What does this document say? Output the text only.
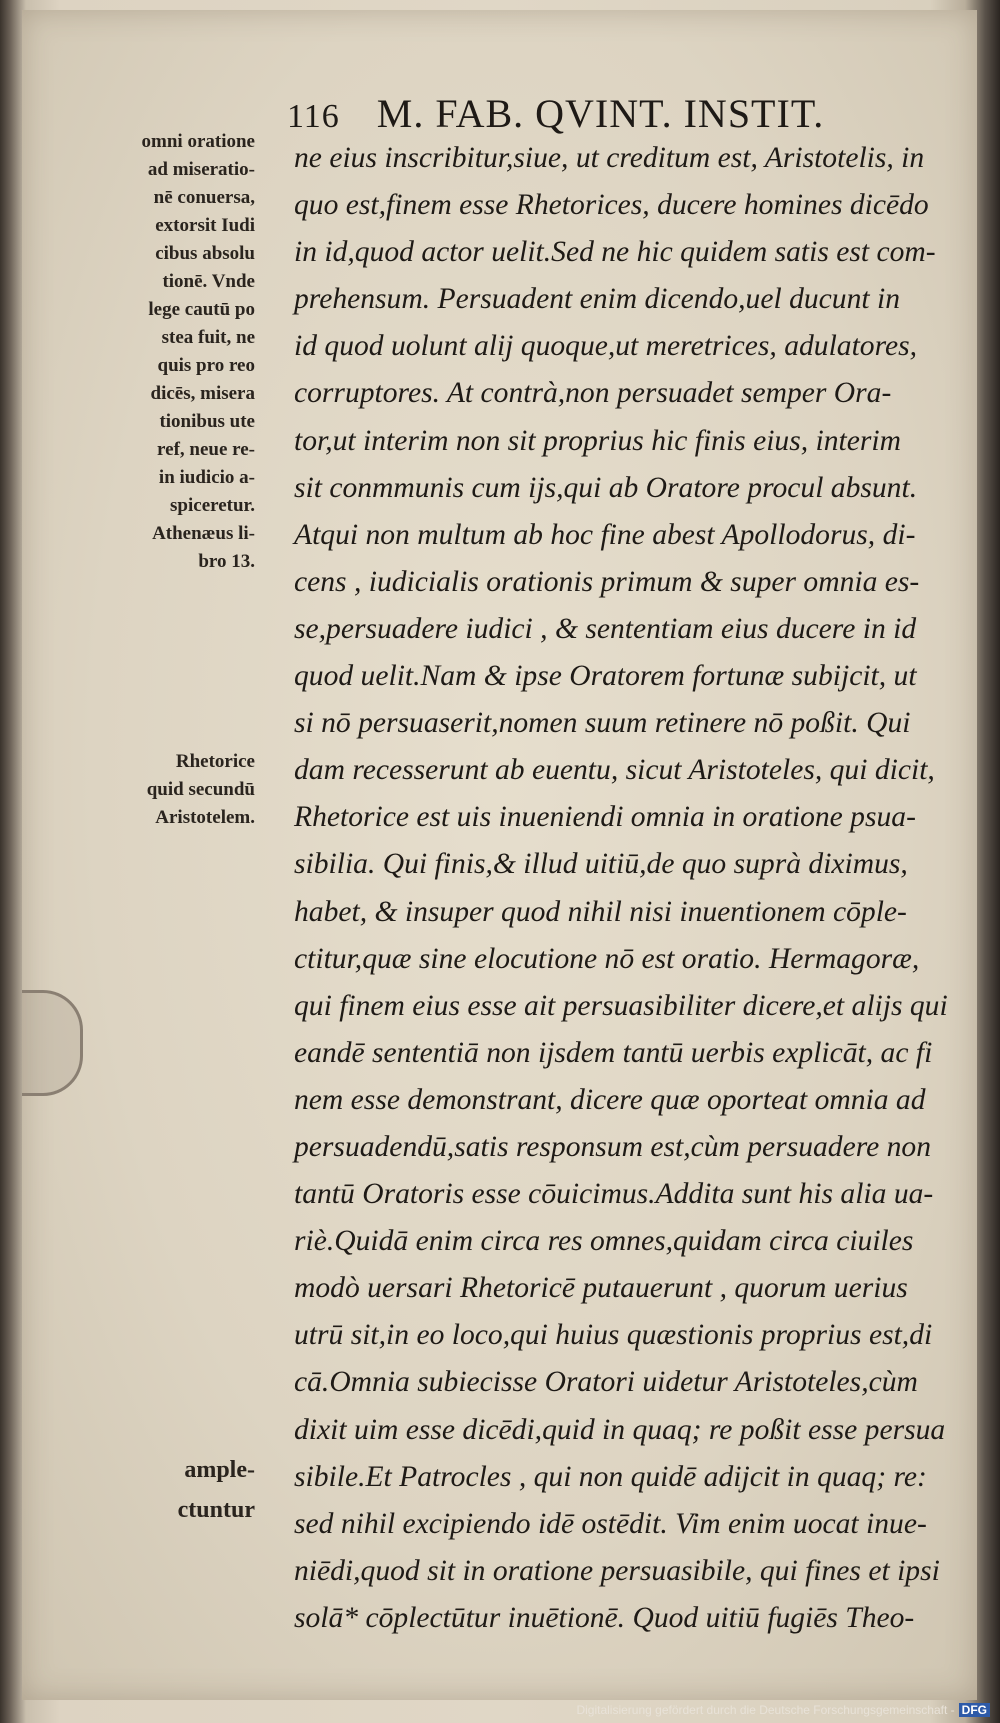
116 M. FAB. QVINT. INSTIT.
omni oratione
ad miseratio-
nē conuersa,
extorsit Iudi
cibus absolu
tionē. Vnde
lege cautū po
stea fuit, ne
quis pro reo
dicēs, misera
tionibus ute
ref, neue re-
in iudicio a-
spiceretur.
Athenæus li-
bro 13.
Rhetorice
quid secundū
Aristotelem.
ample-
ctuntur
ne eius inscribitur,siue, ut creditum est, Aristotelis, in
quo est,finem esse Rhetorices, ducere homines dicēdo
in id,quod actor uelit.Sed ne hic quidem satis est com-
prehensum. Persuadent enim dicendo,uel ducunt in
id quod uolunt alij quoque,ut meretrices, adulatores,
corruptores. At contrà,non persuadet semper Ora-
tor,ut interim non sit proprius hic finis eius, interim
sit conmmunis cum ijs,qui ab Oratore procul absunt.
Atqui non multum ab hoc fine abest Apollodorus, di-
cens , iudicialis orationis primum & super omnia es-
se,persuadere iudici , & sententiam eius ducere in id
quod uelit.Nam & ipse Oratorem fortunæ subijcit, ut
si nō persuaserit,nomen suum retinere nō poßit. Qui
dam recesserunt ab euentu, sicut Aristoteles, qui dicit,
Rhetorice est uis inueniendi omnia in oratione psua-
sibilia. Qui finis,& illud uitiū,de quo suprà diximus,
habet, & insuper quod nihil nisi inuentionem cōple-
ctitur,quæ sine elocutione nō est oratio. Hermagoræ,
qui finem eius esse ait persuasibiliter dicere,et alijs qui
eandē sententiā non ijsdem tantū uerbis explicāt, ac fi
nem esse demonstrant, dicere quæ oporteat omnia ad
persuadendū,satis responsum est,cùm persuadere non
tantū Oratoris esse cōuicimus.Addita sunt his alia ua-
riè.Quidā enim circa res omnes,quidam circa ciuiles
modò uersari Rhetoricē putauerunt , quorum uerius
utrū sit,in eo loco,qui huius quæstionis proprius est,di
cā.Omnia subiecisse Oratori uidetur Aristoteles,cùm
dixit uim esse dicēdi,quid in quaq; re poßit esse persua
sibile.Et Patrocles , qui non quidē adijcit in quaq; re:
sed nihil excipiendo idē ostēdit. Vim enim uocat inue-
niēdi,quod sit in oratione persuasibile, qui fines et ipsi
solā* cōplectūtur inuētionē. Quod uitiū fugiēs Theo-
Digitalisierung gefördert durch die Deutsche Forschungsgemeinschaft - DFG
